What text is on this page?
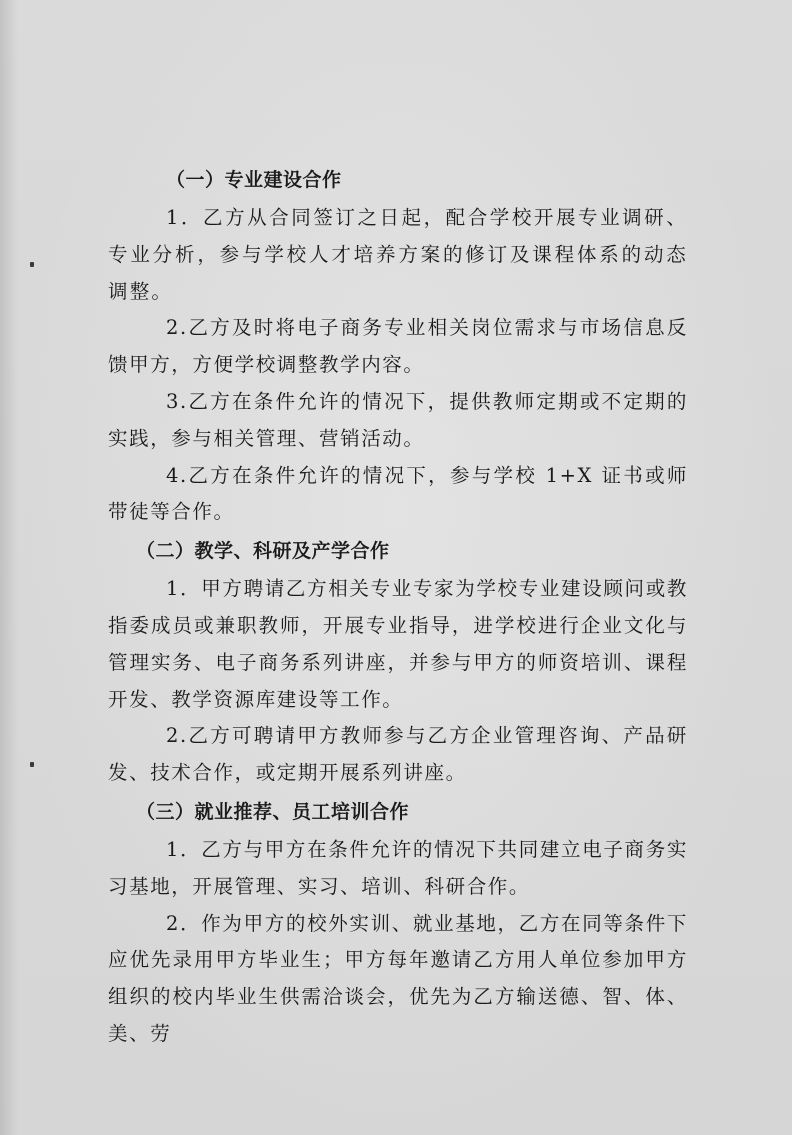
（一）专业建设合作

1．乙方从合同签订之日起，配合学校开展专业调研、专业分析，参与学校人才培养方案的修订及课程体系的动态调整。

2.乙方及时将电子商务专业相关岗位需求与市场信息反馈甲方，方便学校调整教学内容。

3.乙方在条件允许的情况下，提供教师定期或不定期的实践，参与相关管理、营销活动。

4.乙方在条件允许的情况下，参与学校 1+X 证书或师带徒等合作。

（二）教学、科研及产学合作

1．甲方聘请乙方相关专业专家为学校专业建设顾问或教指委成员或兼职教师，开展专业指导，进学校进行企业文化与管理实务、电子商务系列讲座，并参与甲方的师资培训、课程开发、教学资源库建设等工作。

2.乙方可聘请甲方教师参与乙方企业管理咨询、产品研发、技术合作，或定期开展系列讲座。

（三）就业推荐、员工培训合作

1．乙方与甲方在条件允许的情况下共同建立电子商务实习基地，开展管理、实习、培训、科研合作。

2．作为甲方的校外实训、就业基地，乙方在同等条件下应优先录用甲方毕业生；甲方每年邀请乙方用人单位参加甲方组织的校内毕业生供需洽谈会，优先为乙方输送德、智、体、美、劳
